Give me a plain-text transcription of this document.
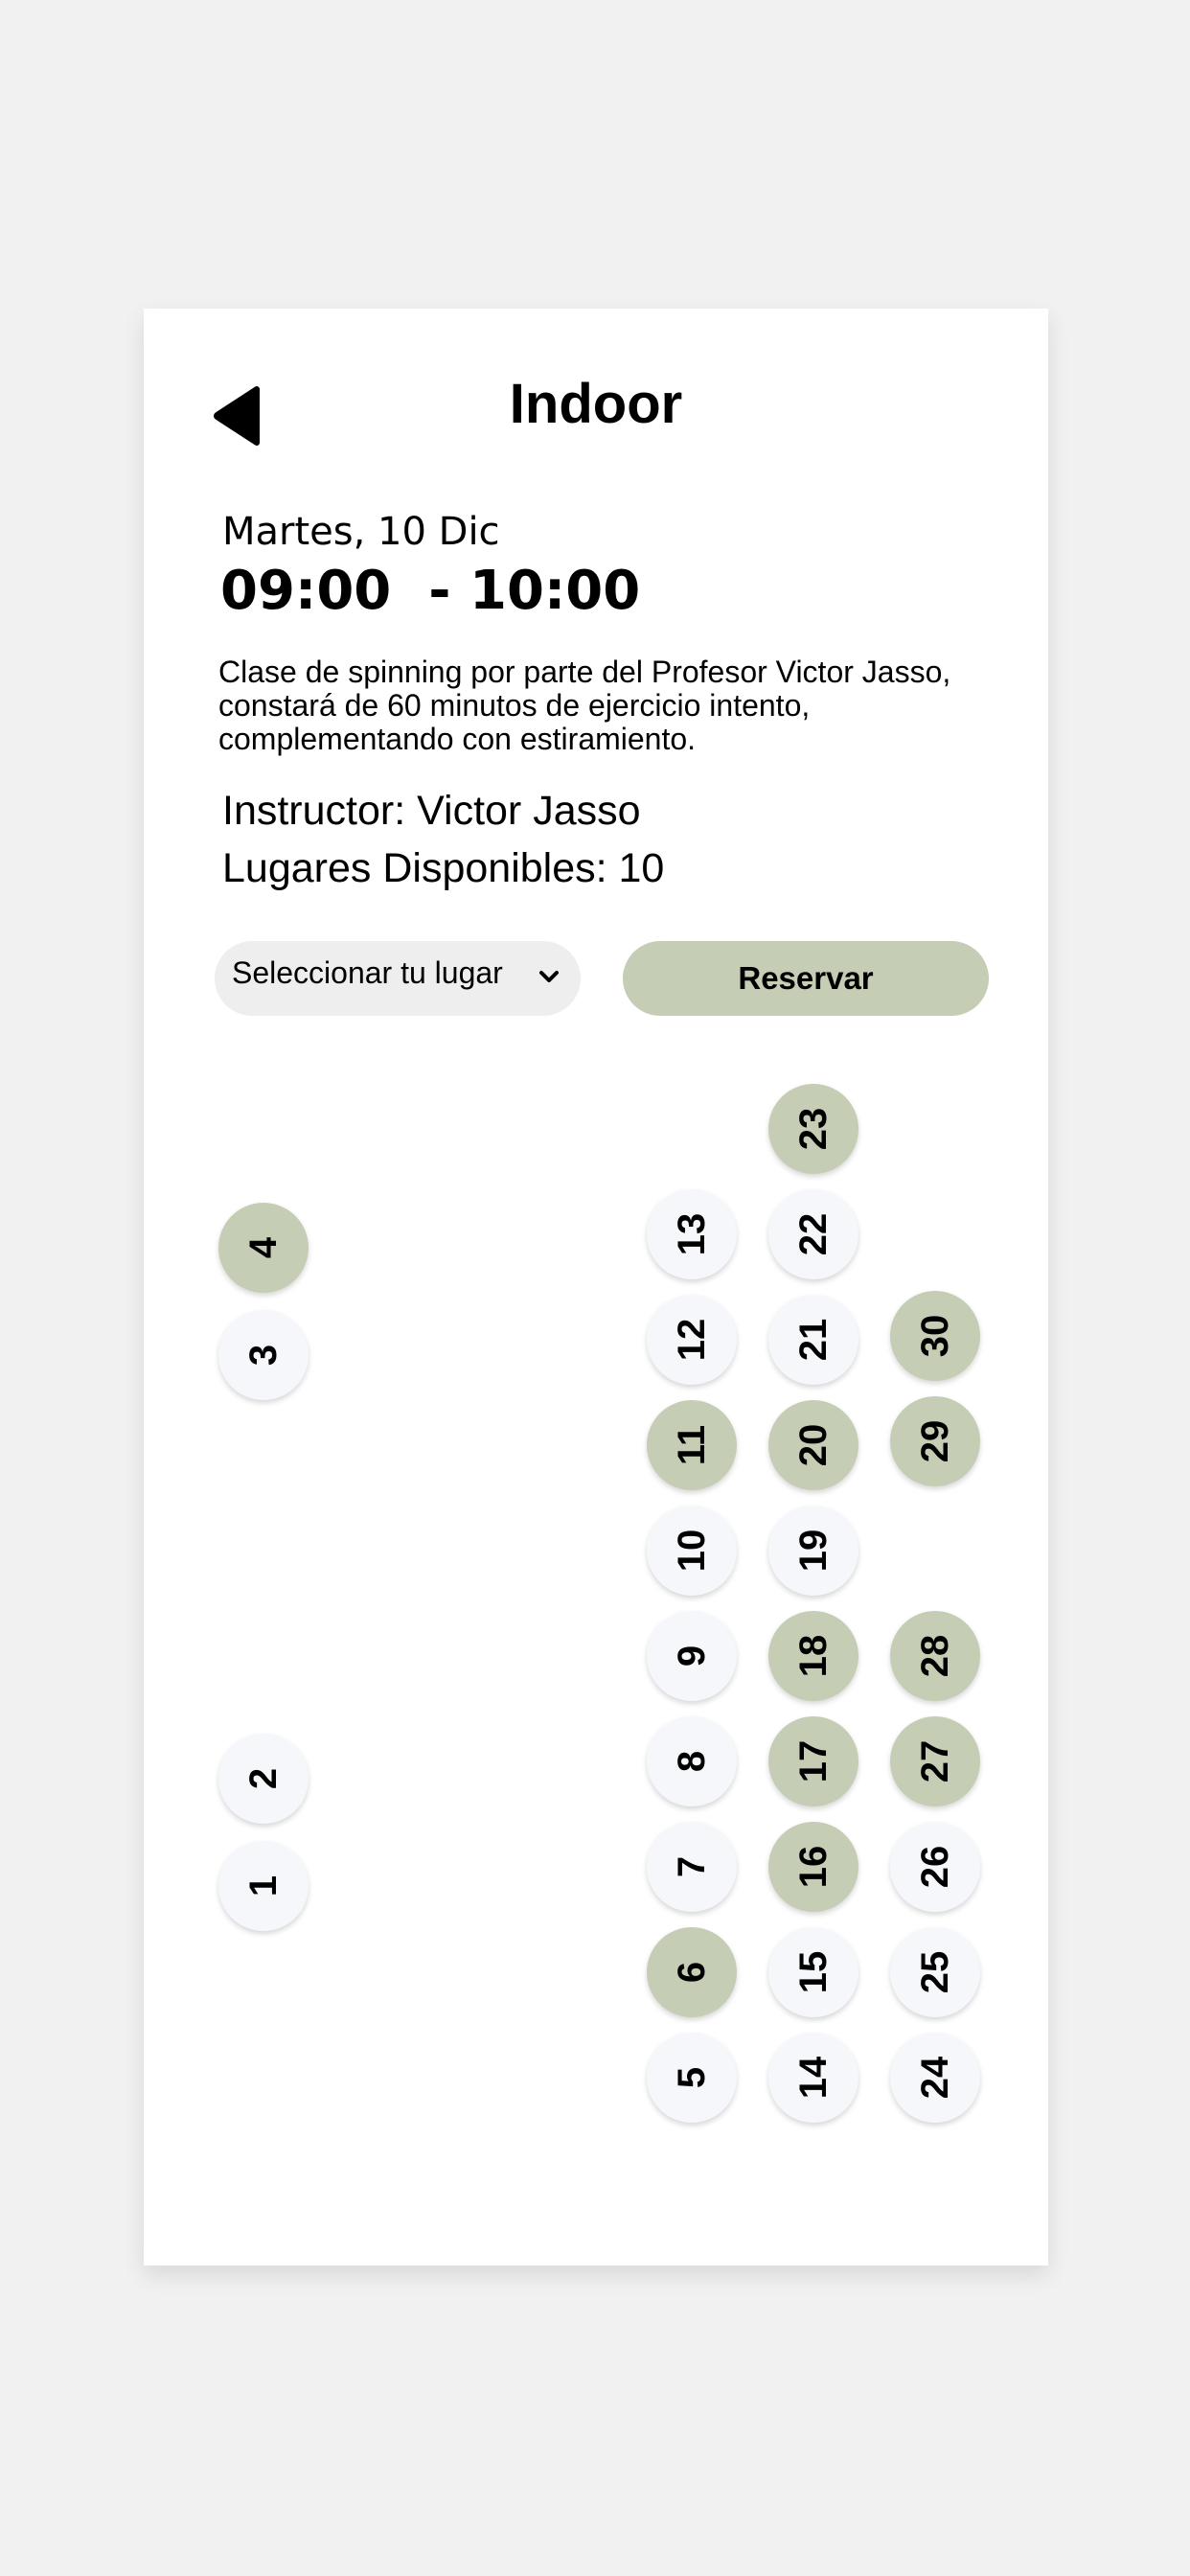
Indoor
Martes, 10 Dic
09:00  - 10:00
Clase de spinning por parte del Profesor Victor Jasso, constará de 60 minutos de ejercicio intento, complementando con estiramiento.
Instructor: Victor Jasso
Lugares Disponibles: 10
Seleccionar tu lugar	Reservar
1
2
3
4
5
6
7
8
9
10
11
12
13
14
15
16
17
18
19
20
21
22
23
24
25
26
27
28
29
30
